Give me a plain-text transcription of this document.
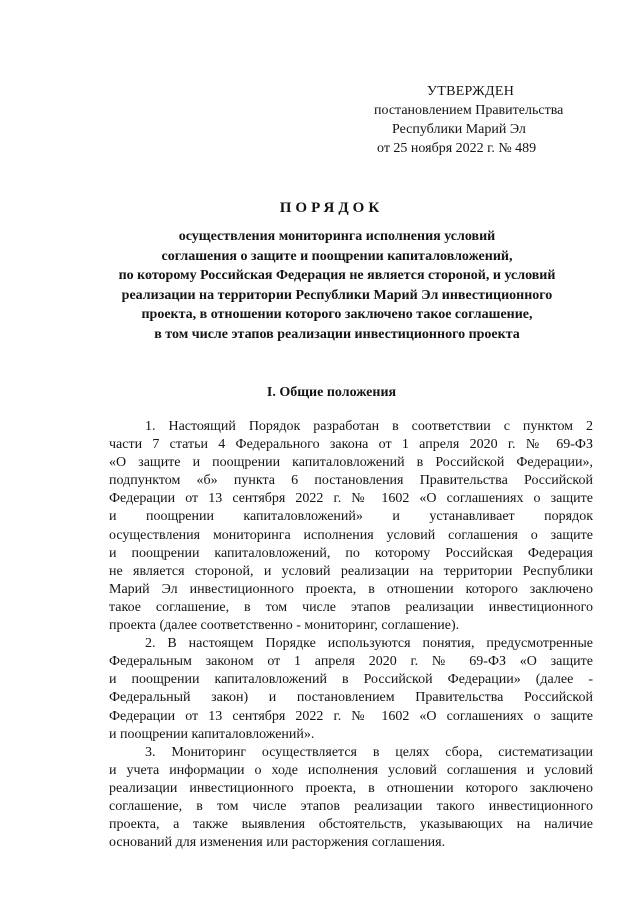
УТВЕРЖДЕН
постановлением Правительства
Республики Марий Эл
от 25 ноября 2022 г. № 489
ПОРЯДОК
осуществления мониторинга исполнения условий
соглашения о защите и поощрении капиталовложений,
по которому Российская Федерация не является стороной, и условий
реализации на территории Республики Марий Эл инвестиционного
проекта, в отношении которого заключено такое соглашение,
в том числе этапов реализации инвестиционного проекта
I. Общие положения
1. Настоящий Порядок разработан в соответствии с пунктом 2
части 7 статьи 4 Федерального закона от 1 апреля 2020 г. № 69-ФЗ
«О защите и поощрении капиталовложений в Российской Федерации»,
подпунктом «б» пункта 6 постановления Правительства Российской
Федерации от 13 сентября 2022 г. № 1602 «О соглашениях о защите
и поощрении капиталовложений» и устанавливает порядок
осуществления мониторинга исполнения условий соглашения о защите
и поощрении капиталовложений, по которому Российская Федерация
не является стороной, и условий реализации на территории Республики
Марий Эл инвестиционного проекта, в отношении которого заключено
такое соглашение, в том числе этапов реализации инвестиционного
проекта (далее соответственно - мониторинг, соглашение).
2. В настоящем Порядке используются понятия, предусмотренные
Федеральным законом от 1 апреля 2020 г. № 69-ФЗ «О защите
и поощрении капиталовложений в Российской Федерации» (далее -
Федеральный закон) и постановлением Правительства Российской
Федерации от 13 сентября 2022 г. № 1602 «О соглашениях о защите
и поощрении капиталовложений».
3. Мониторинг осуществляется в целях сбора, систематизации
и учета информации о ходе исполнения условий соглашения и условий
реализации инвестиционного проекта, в отношении которого заключено
соглашение, в том числе этапов реализации такого инвестиционного
проекта, а также выявления обстоятельств, указывающих на наличие
оснований для изменения или расторжения соглашения.
